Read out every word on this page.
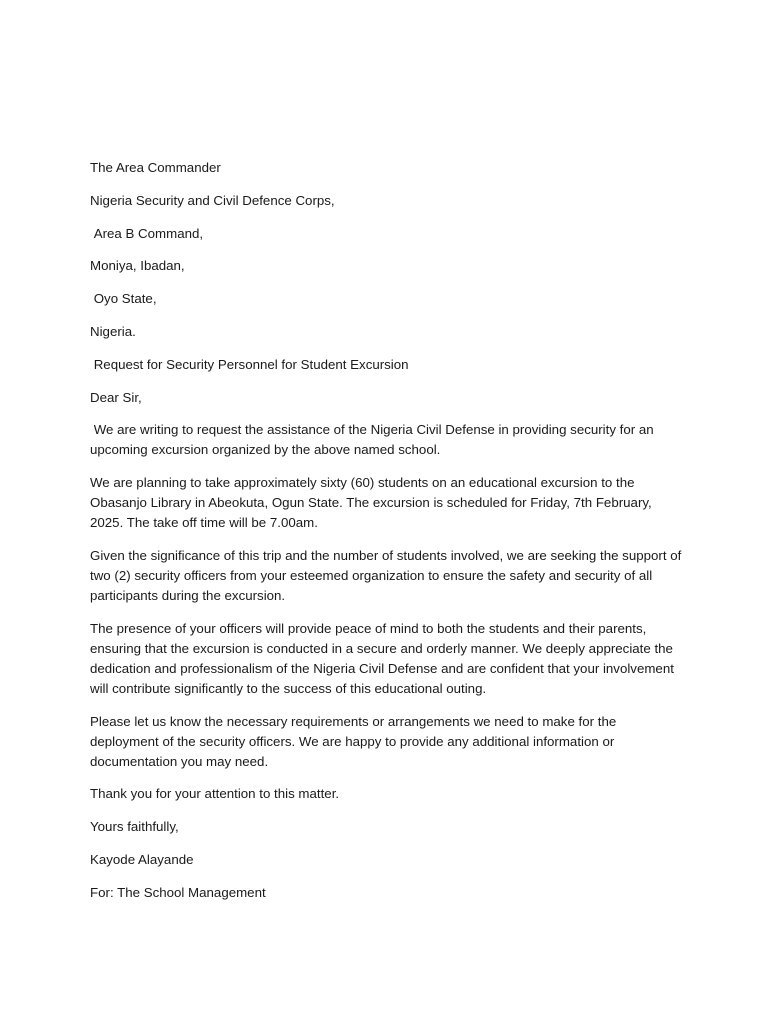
The Area Commander

Nigeria Security and Civil Defence Corps,

Area B Command,

Moniya, Ibadan,

Oyo State,

Nigeria.

Request for Security Personnel for Student Excursion

Dear Sir,

We are writing to request the assistance of the Nigeria Civil Defense in providing security for an upcoming excursion organized by the above named school.

We are planning to take approximately sixty (60) students on an educational excursion to the Obasanjo Library in Abeokuta, Ogun State. The excursion is scheduled for Friday, 7th February, 2025. The take off time will be 7.00am.

Given the significance of this trip and the number of students involved, we are seeking the support of two (2) security officers from your esteemed organization to ensure the safety and security of all participants during the excursion.

The presence of your officers will provide peace of mind to both the students and their parents, ensuring that the excursion is conducted in a secure and orderly manner. We deeply appreciate the dedication and professionalism of the Nigeria Civil Defense and are confident that your involvement will contribute significantly to the success of this educational outing.

Please let us know the necessary requirements or arrangements we need to make for the deployment of the security officers. We are happy to provide any additional information or documentation you may need.

Thank you for your attention to this matter.

Yours faithfully,

Kayode Alayande

For: The School Management
